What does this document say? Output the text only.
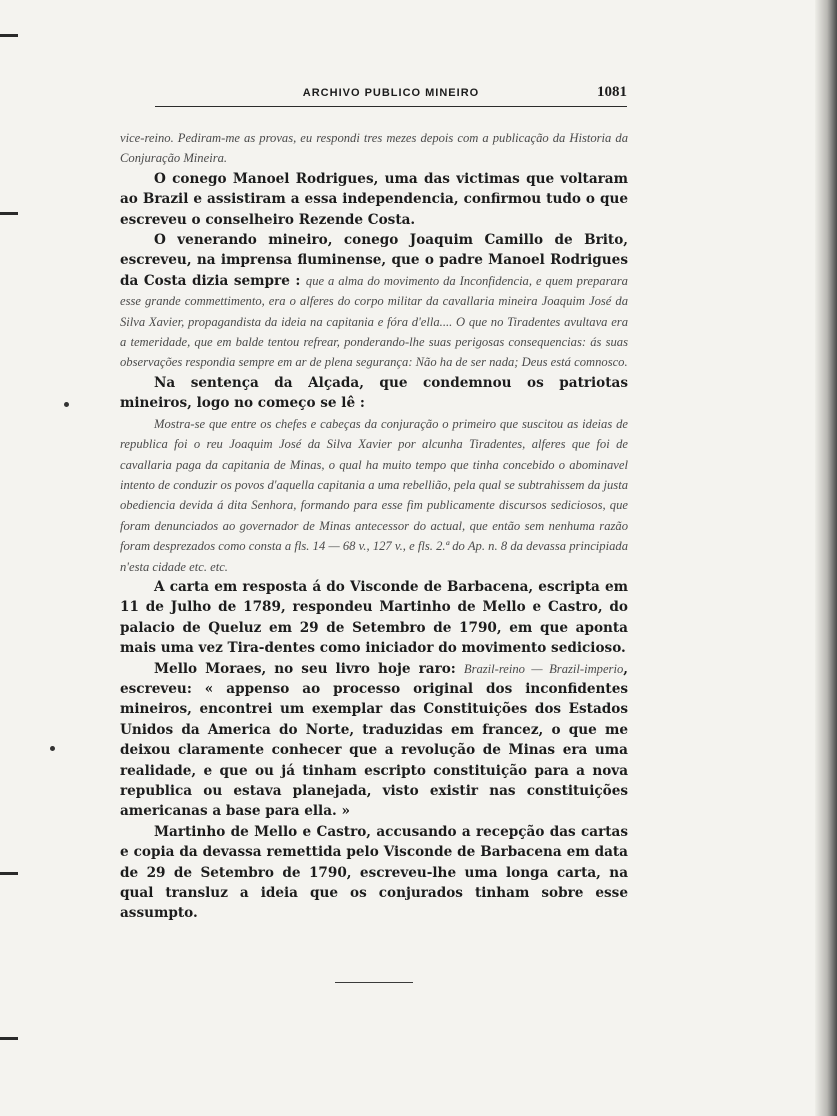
ARCHIVO PUBLICO MINEIRO	1081

vice-reino. Pediram-me as provas, eu respondi tres mezes depois com a publicação da Historia da Conjuração Mineira.

O conego Manoel Rodrigues, uma das victimas que voltaram ao Brazil e assistiram a essa independencia, confirmou tudo o que escreveu o conselheiro Rezende Costa.

O venerando mineiro, conego Joaquim Camillo de Brito, escreveu, na imprensa fluminense, que o padre Manoel Rodrigues da Costa dizia sempre : que a alma do movimento da Inconfidencia, e quem preparara esse grande commettimento, era o alferes do corpo militar da cavallaria mineira Joaquim José da Silva Xavier, propagandista da ideia na capitania e fóra d'ella.... O que no Tiradentes avultava era a temeridade, que em balde tentou refrear, ponderando-lhe suas perigosas consequencias: ás suas observações respondia sempre em ar de plena segurança: Não ha de ser nada; Deus está comnosco.

Na sentença da Alçada, que condemnou os patriotas mineiros, logo no começo se lê :

Mostra-se que entre os chefes e cabeças da conjuração o primeiro que suscitou as ideias de republica foi o reu Joaquim José da Silva Xavier por alcunha Tiradentes, alferes que foi de cavallaria paga da capitania de Minas, o qual ha muito tempo que tinha concebido o abominavel intento de conduzir os povos d'aquella capitania a uma rebellião, pela qual se subtrahissem da justa obediencia devida á dita Senhora, formando para esse fim publicamente discursos sediciosos, que foram denunciados ao governador de Minas antecessor do actual, que então sem nenhuma razão foram desprezados como consta a fls. 14 — 68 v., 127 v., e fls. 2.ª do Ap. n. 8 da devassa principiada n'esta cidade etc. etc.

A carta em resposta á do Visconde de Barbacena, escripta em 11 de Julho de 1789, respondeu Martinho de Mello e Castro, do palacio de Queluz em 29 de Setembro de 1790, em que aponta mais uma vez Tira-dentes como iniciador do movimento sedicioso.

Mello Moraes, no seu livro hoje raro: Brazil-reino — Brazil-imperio, escreveu: « appenso ao processo original dos inconfidentes mineiros, encontrei um exemplar das Constituições dos Estados Unidos da America do Norte, traduzidas em francez, o que me deixou claramente conhecer que a revolução de Minas era uma realidade, e que ou já tinham escripto constituição para a nova republica ou estava planejada, visto existir nas constituições americanas a base para ella. »

Martinho de Mello e Castro, accusando a recepção das cartas e copia da devassa remettida pelo Visconde de Barbacena em data de 29 de Setembro de 1790, escreveu-lhe uma longa carta, na qual transluz a ideia que os conjurados tinham sobre esse assumpto.
